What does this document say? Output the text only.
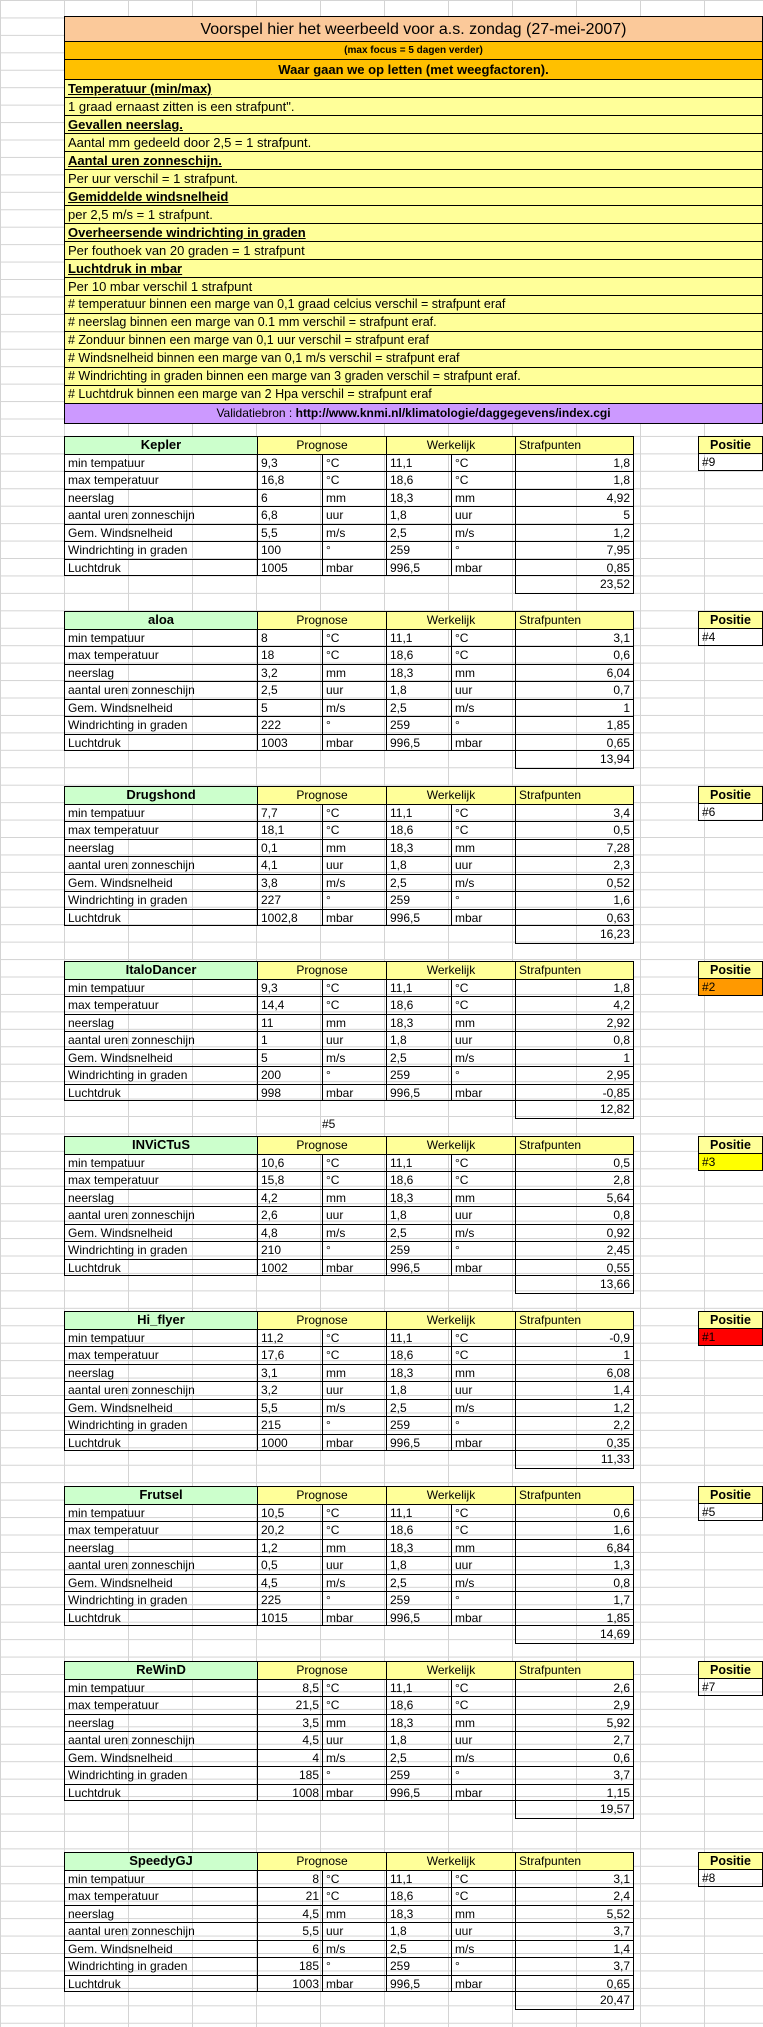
Voorspel hier het weerbeeld voor a.s. zondag (27-mei-2007)
(max focus = 5 dagen verder)
Waar gaan we op letten (met weegfactoren).
Temperatuur (min/max)
1 graad ernaast zitten is een strafpunt".
Gevallen neerslag.
Aantal mm gedeeld door 2,5 = 1 strafpunt.
Aantal uren zonneschijn.
Per uur verschil = 1 strafpunt.
Gemiddelde windsnelheid
per 2,5 m/s = 1 strafpunt.
Overheersende windrichting in graden
Per fouthoek van 20 graden = 1 strafpunt
Luchtdruk in mbar
Per 10 mbar verschil 1 strafpunt
# temperatuur binnen een marge van 0,1 graad celcius verschil = strafpunt eraf
# neerslag binnen een marge van 0.1 mm verschil = strafpunt eraf.
# Zonduur binnen een marge van 0,1 uur verschil = strafpunt eraf
# Windsnelheid binnen een marge van 0,1 m/s verschil = strafpunt eraf
# Windrichting in graden binnen een marge van 3 graden verschil = strafpunt eraf.
# Luchtdruk binnen een marge van 2 Hpa verschil = strafpunt eraf
Validatiebron : http://www.knmi.nl/klimatologie/daggegevens/index.cgi
#5
Kepler	Prognose	Werkelijk	Strafpunten
min tempatuur	9,3	°C	11,1	°C	1,8
max temperatuur	16,8	°C	18,6	°C	1,8
neerslag	6	mm	18,3	mm	4,92
aantal uren zonneschijn	6,8	uur	1,8	uur	5
Gem. Windsnelheid	5,5	m/s	2,5	m/s	1,2
Windrichting in graden	100	°	259	°	7,95
Luchtdruk	1005	mbar	996,5	mbar	0,85
23,52
Positie
#9
aloa	Prognose	Werkelijk	Strafpunten
min tempatuur	8	°C	11,1	°C	3,1
max temperatuur	18	°C	18,6	°C	0,6
neerslag	3,2	mm	18,3	mm	6,04
aantal uren zonneschijn	2,5	uur	1,8	uur	0,7
Gem. Windsnelheid	5	m/s	2,5	m/s	1
Windrichting in graden	222	°	259	°	1,85
Luchtdruk	1003	mbar	996,5	mbar	0,65
13,94
Positie
#4
Drugshond	Prognose	Werkelijk	Strafpunten
min tempatuur	7,7	°C	11,1	°C	3,4
max temperatuur	18,1	°C	18,6	°C	0,5
neerslag	0,1	mm	18,3	mm	7,28
aantal uren zonneschijn	4,1	uur	1,8	uur	2,3
Gem. Windsnelheid	3,8	m/s	2,5	m/s	0,52
Windrichting in graden	227	°	259	°	1,6
Luchtdruk	1002,8	mbar	996,5	mbar	0,63
16,23
Positie
#6
ItaloDancer	Prognose	Werkelijk	Strafpunten
min tempatuur	9,3	°C	11,1	°C	1,8
max temperatuur	14,4	°C	18,6	°C	4,2
neerslag	11	mm	18,3	mm	2,92
aantal uren zonneschijn	1	uur	1,8	uur	0,8
Gem. Windsnelheid	5	m/s	2,5	m/s	1
Windrichting in graden	200	°	259	°	2,95
Luchtdruk	998	mbar	996,5	mbar	-0,85
12,82
Positie
#2
INViCTuS	Prognose	Werkelijk	Strafpunten
min tempatuur	10,6	°C	11,1	°C	0,5
max temperatuur	15,8	°C	18,6	°C	2,8
neerslag	4,2	mm	18,3	mm	5,64
aantal uren zonneschijn	2,6	uur	1,8	uur	0,8
Gem. Windsnelheid	4,8	m/s	2,5	m/s	0,92
Windrichting in graden	210	°	259	°	2,45
Luchtdruk	1002	mbar	996,5	mbar	0,55
13,66
Positie
#3
Hi_flyer	Prognose	Werkelijk	Strafpunten
min tempatuur	11,2	°C	11,1	°C	-0,9
max temperatuur	17,6	°C	18,6	°C	1
neerslag	3,1	mm	18,3	mm	6,08
aantal uren zonneschijn	3,2	uur	1,8	uur	1,4
Gem. Windsnelheid	5,5	m/s	2,5	m/s	1,2
Windrichting in graden	215	°	259	°	2,2
Luchtdruk	1000	mbar	996,5	mbar	0,35
11,33
Positie
#1
Frutsel	Prognose	Werkelijk	Strafpunten
min tempatuur	10,5	°C	11,1	°C	0,6
max temperatuur	20,2	°C	18,6	°C	1,6
neerslag	1,2	mm	18,3	mm	6,84
aantal uren zonneschijn	0,5	uur	1,8	uur	1,3
Gem. Windsnelheid	4,5	m/s	2,5	m/s	0,8
Windrichting in graden	225	°	259	°	1,7
Luchtdruk	1015	mbar	996,5	mbar	1,85
14,69
Positie
#5
ReWinD	Prognose	Werkelijk	Strafpunten
min tempatuur	8,5 °C	11,1	°C	2,6
max temperatuur	21,5 °C	18,6	°C	2,9
neerslag	3,5 mm	18,3	mm	5,92
aantal uren zonneschijn	4,5 uur	1,8	uur	2,7
Gem. Windsnelheid	4 m/s	2,5	m/s	0,6
Windrichting in graden	185 °	259	°	3,7
Luchtdruk	1008 mbar	996,5	mbar	1,15
19,57
Positie
#7
SpeedyGJ	Prognose	Werkelijk	Strafpunten
min tempatuur	8 °C	11,1	°C	3,1
max temperatuur	21 °C	18,6	°C	2,4
neerslag	4,5 mm	18,3	mm	5,52
aantal uren zonneschijn	5,5 uur	1,8	uur	3,7
Gem. Windsnelheid	6 m/s	2,5	m/s	1,4
Windrichting in graden	185 °	259	°	3,7
Luchtdruk	1003 mbar	996,5	mbar	0,65
20,47
Positie
#8
